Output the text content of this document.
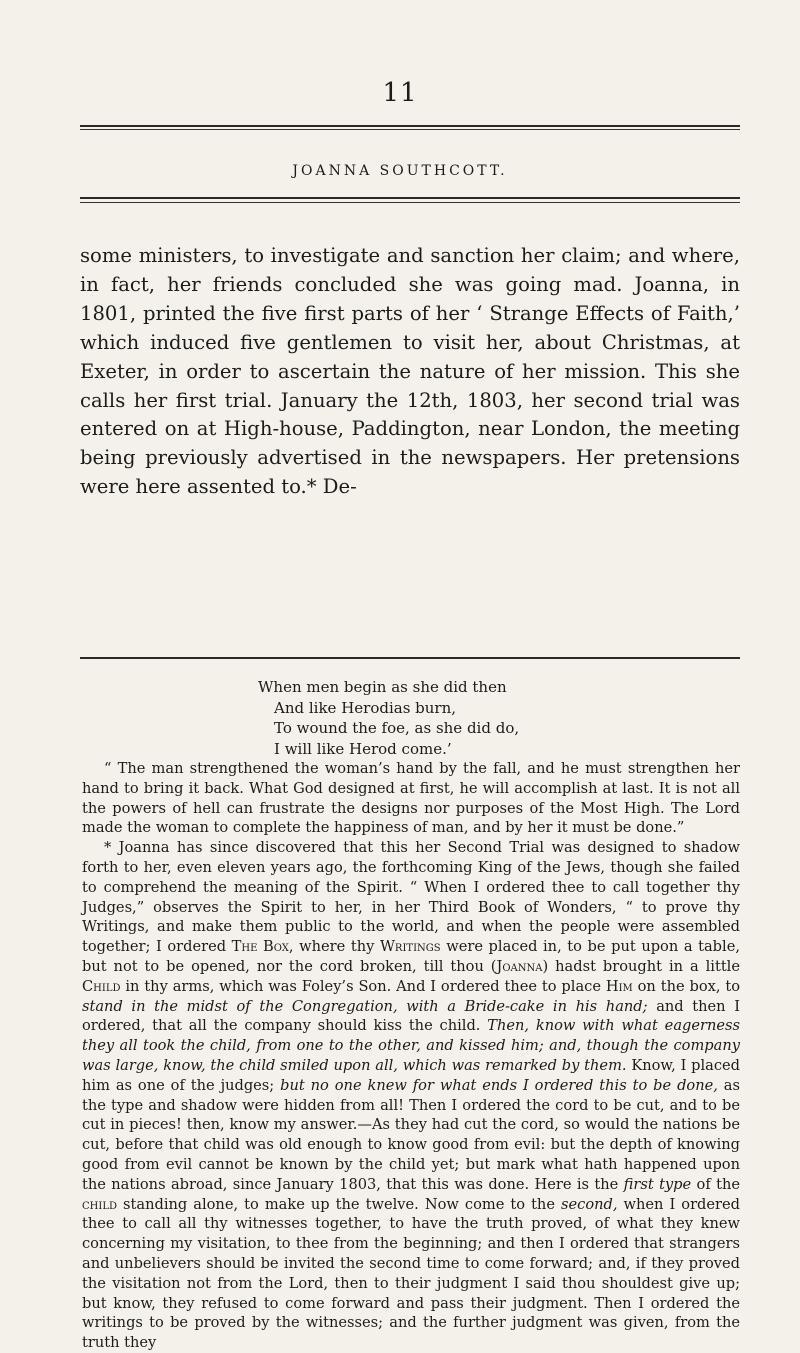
11
JOANNA SOUTHCOTT.

some ministers, to investigate and sanction her claim; and where, in fact, her friends concluded she was going mad. Joanna, in 1801, printed the five first parts of her ‘ Strange Effects of Faith,’ which induced five gentlemen to visit her, about Christmas, at Exeter, in order to ascertain the nature of her mission. This she calls her first trial. January the 12th, 1803, her second trial was entered on at High-house, Paddington, near London, the meeting being previously advertised in the newspapers. Her pretensions were here assented to.* De-

When men begin as she did then
And like Herodias burn,
To wound the foe, as she did do,
I will like Herod come.’

“ The man strengthened the woman’s hand by the fall, and he must strengthen her hand to bring it back. What God designed at first, he will accomplish at last. It is not all the powers of hell can frustrate the designs nor purposes of the Most High. The Lord made the woman to complete the happiness of man, and by her it must be done.”

* Joanna has since discovered that this her Second Trial was designed to shadow forth to her, even eleven years ago, the forthcoming King of the Jews, though she failed to comprehend the meaning of the Spirit. “ When I ordered thee to call together thy Judges,” observes the Spirit to her, in her Third Book of Wonders, “ to prove thy Writings, and make them public to the world, and when the people were assembled together; I ordered The Box, where thy Writings were placed in, to be put upon a table, but not to be opened, nor the cord broken, till thou (Joanna) hadst brought in a little Child in thy arms, which was Foley’s Son. And I ordered thee to place Him on the box, to stand in the midst of the Congregation, with a Bride-cake in his hand; and then I ordered, that all the company should kiss the child. Then, know with what eagerness they all took the child, from one to the other, and kissed him; and, though the company was large, know, the child smiled upon all, which was remarked by them. Know, I placed him as one of the judges; but no one knew for what ends I ordered this to be done, as the type and shadow were hidden from all! Then I ordered the cord to be cut, and to be cut in pieces! then, know my answer.—As they had cut the cord, so would the nations be cut, before that child was old enough to know good from evil: but the depth of knowing good from evil cannot be known by the child yet; but mark what hath happened upon the nations abroad, since January 1803, that this was done. Here is the first type of the child standing alone, to make up the twelve. Now come to the second, when I ordered thee to call all thy witnesses together, to have the truth proved, of what they knew concerning my visitation, to thee from the beginning; and then I ordered that strangers and unbelievers should be invited the second time to come forward; and, if they proved the visitation not from the Lord, then to their judgment I said thou shouldest give up; but know, they refused to come forward and pass their judgment. Then I ordered the writings to be proved by the witnesses; and the further judgment was given, from the truth they
